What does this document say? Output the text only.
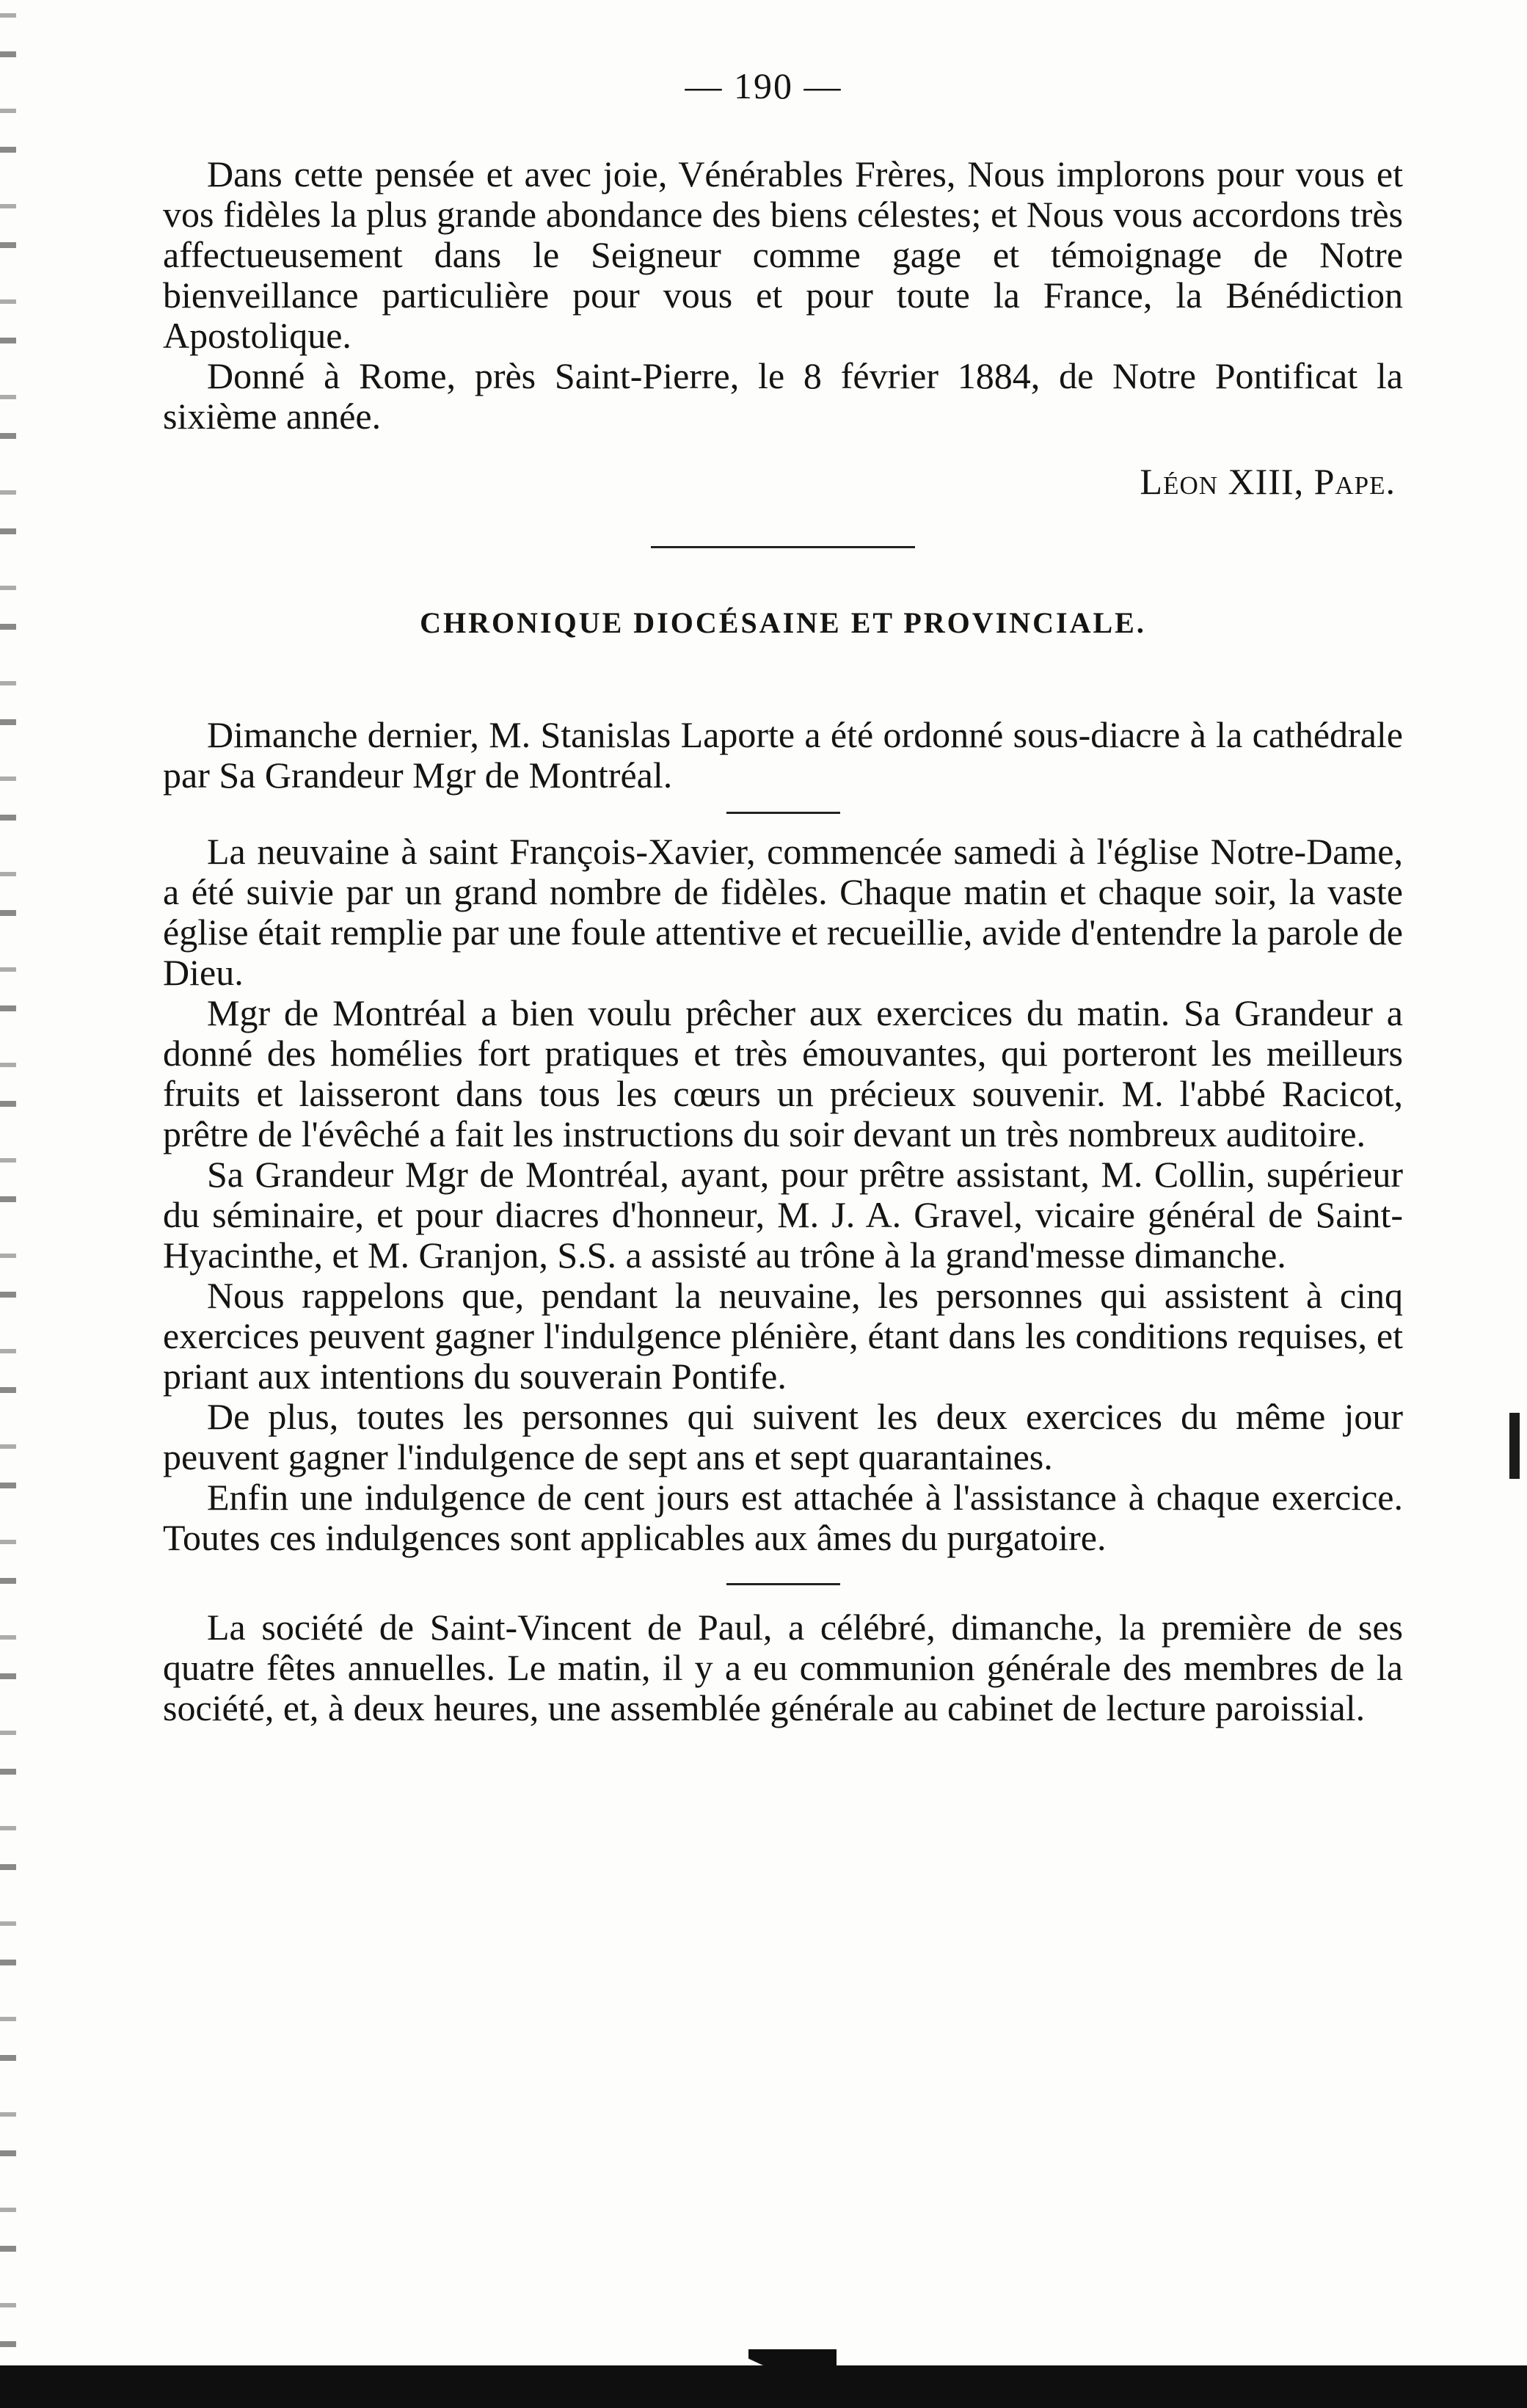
— 190 —

Dans cette pensée et avec joie, Vénérables Frères, Nous implorons pour vous et vos fidèles la plus grande abondance des biens célestes; et Nous vous accordons très affectueusement dans le Seigneur comme gage et témoignage de Notre bienveillance particulière pour vous et pour toute la France, la Bénédiction Apostolique.

Donné à Rome, près Saint-Pierre, le 8 février 1884, de Notre Pontificat la sixième année.

Léon XIII, Pape.
CHRONIQUE DIOCÉSAINE ET PROVINCIALE.

Dimanche dernier, M. Stanislas Laporte a été ordonné sous-diacre à la cathédrale par Sa Grandeur Mgr de Montréal.

La neuvaine à saint François-Xavier, commencée samedi à l'église Notre-Dame, a été suivie par un grand nombre de fidèles. Chaque matin et chaque soir, la vaste église était remplie par une foule attentive et recueillie, avide d'entendre la parole de Dieu.

Mgr de Montréal a bien voulu prêcher aux exercices du matin. Sa Grandeur a donné des homélies fort pratiques et très émouvantes, qui porteront les meilleurs fruits et laisseront dans tous les cœurs un précieux souvenir. M. l'abbé Racicot, prêtre de l'évêché a fait les instructions du soir devant un très nombreux auditoire.

Sa Grandeur Mgr de Montréal, ayant, pour prêtre assistant, M. Collin, supérieur du séminaire, et pour diacres d'honneur, M. J. A. Gravel, vicaire général de Saint-Hyacinthe, et M. Granjon, S.S. a assisté au trône à la grand'messe dimanche.

Nous rappelons que, pendant la neuvaine, les personnes qui assistent à cinq exercices peuvent gagner l'indulgence plénière, étant dans les conditions requises, et priant aux intentions du souverain Pontife.

De plus, toutes les personnes qui suivent les deux exercices du même jour peuvent gagner l'indulgence de sept ans et sept quarantaines.

Enfin une indulgence de cent jours est attachée à l'assistance à chaque exercice. Toutes ces indulgences sont applicables aux âmes du purgatoire.

La société de Saint-Vincent de Paul, a célébré, dimanche, la première de ses quatre fêtes annuelles. Le matin, il y a eu communion générale des membres de la société, et, à deux heures, une assemblée générale au cabinet de lecture paroissial.
